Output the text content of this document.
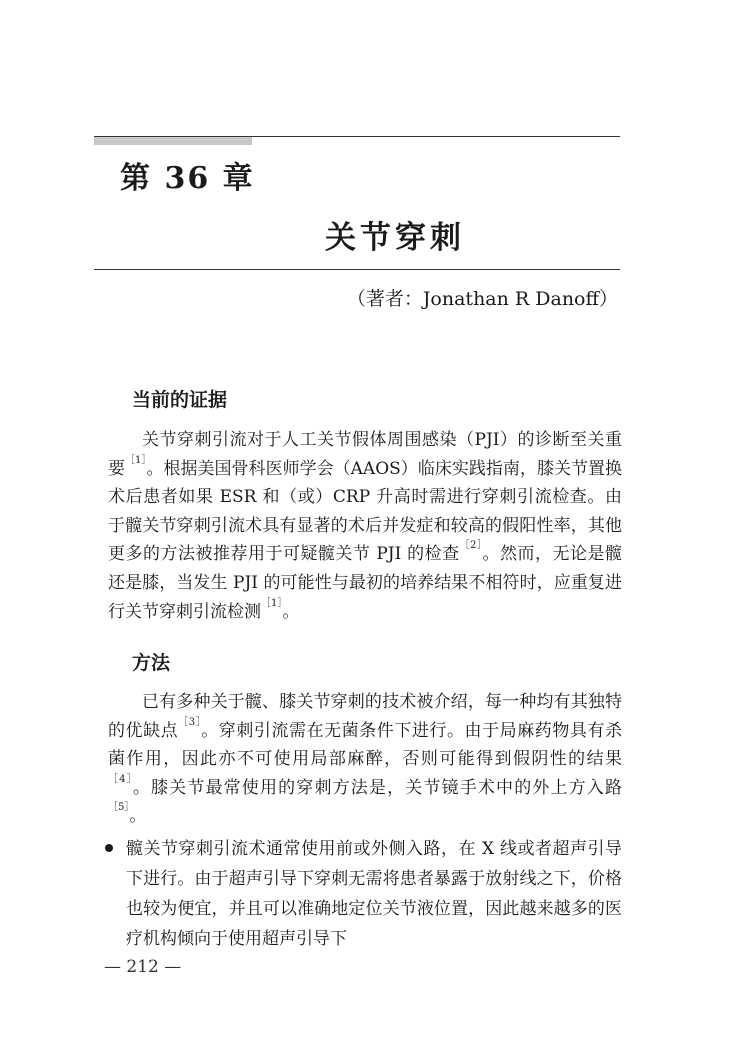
第 36 章
关节穿刺
（著者：Jonathan R Danoff）
当前的证据

关节穿刺引流对于人工关节假体周围感染（PJI）的诊断至关重要$^{[1]}$。根据美国骨科医师学会（AAOS）临床实践指南，膝关节置换术后患者如果 ESR 和（或）CRP 升高时需进行穿刺引流检查。由于髋关节穿刺引流术具有显著的术后并发症和较高的假阳性率，其他更多的方法被推荐用于可疑髋关节 PJI 的检查$^{[2]}$。然而，无论是髋还是膝，当发生 PJI 的可能性与最初的培养结果不相符时，应重复进行关节穿刺引流检测$^{[1]}$。

方法

已有多种关于髋、膝关节穿刺的技术被介绍，每一种均有其独特的优缺点$^{[3]}$。穿刺引流需在无菌条件下进行。由于局麻药物具有杀菌作用，因此亦不可使用局部麻醉，否则可能得到假阴性的结果$^{[4]}$。膝关节最常使用的穿刺方法是，关节镜手术中的外上方入路$^{[5]}$。

髋关节穿刺引流术通常使用前或外侧入路，在 X 线或者超声引导下进行。由于超声引导下穿刺无需将患者暴露于放射线之下，价格也较为便宜，并且可以准确地定位关节液位置，因此越来越多的医疗机构倾向于使用超声引导下
— 212 —
